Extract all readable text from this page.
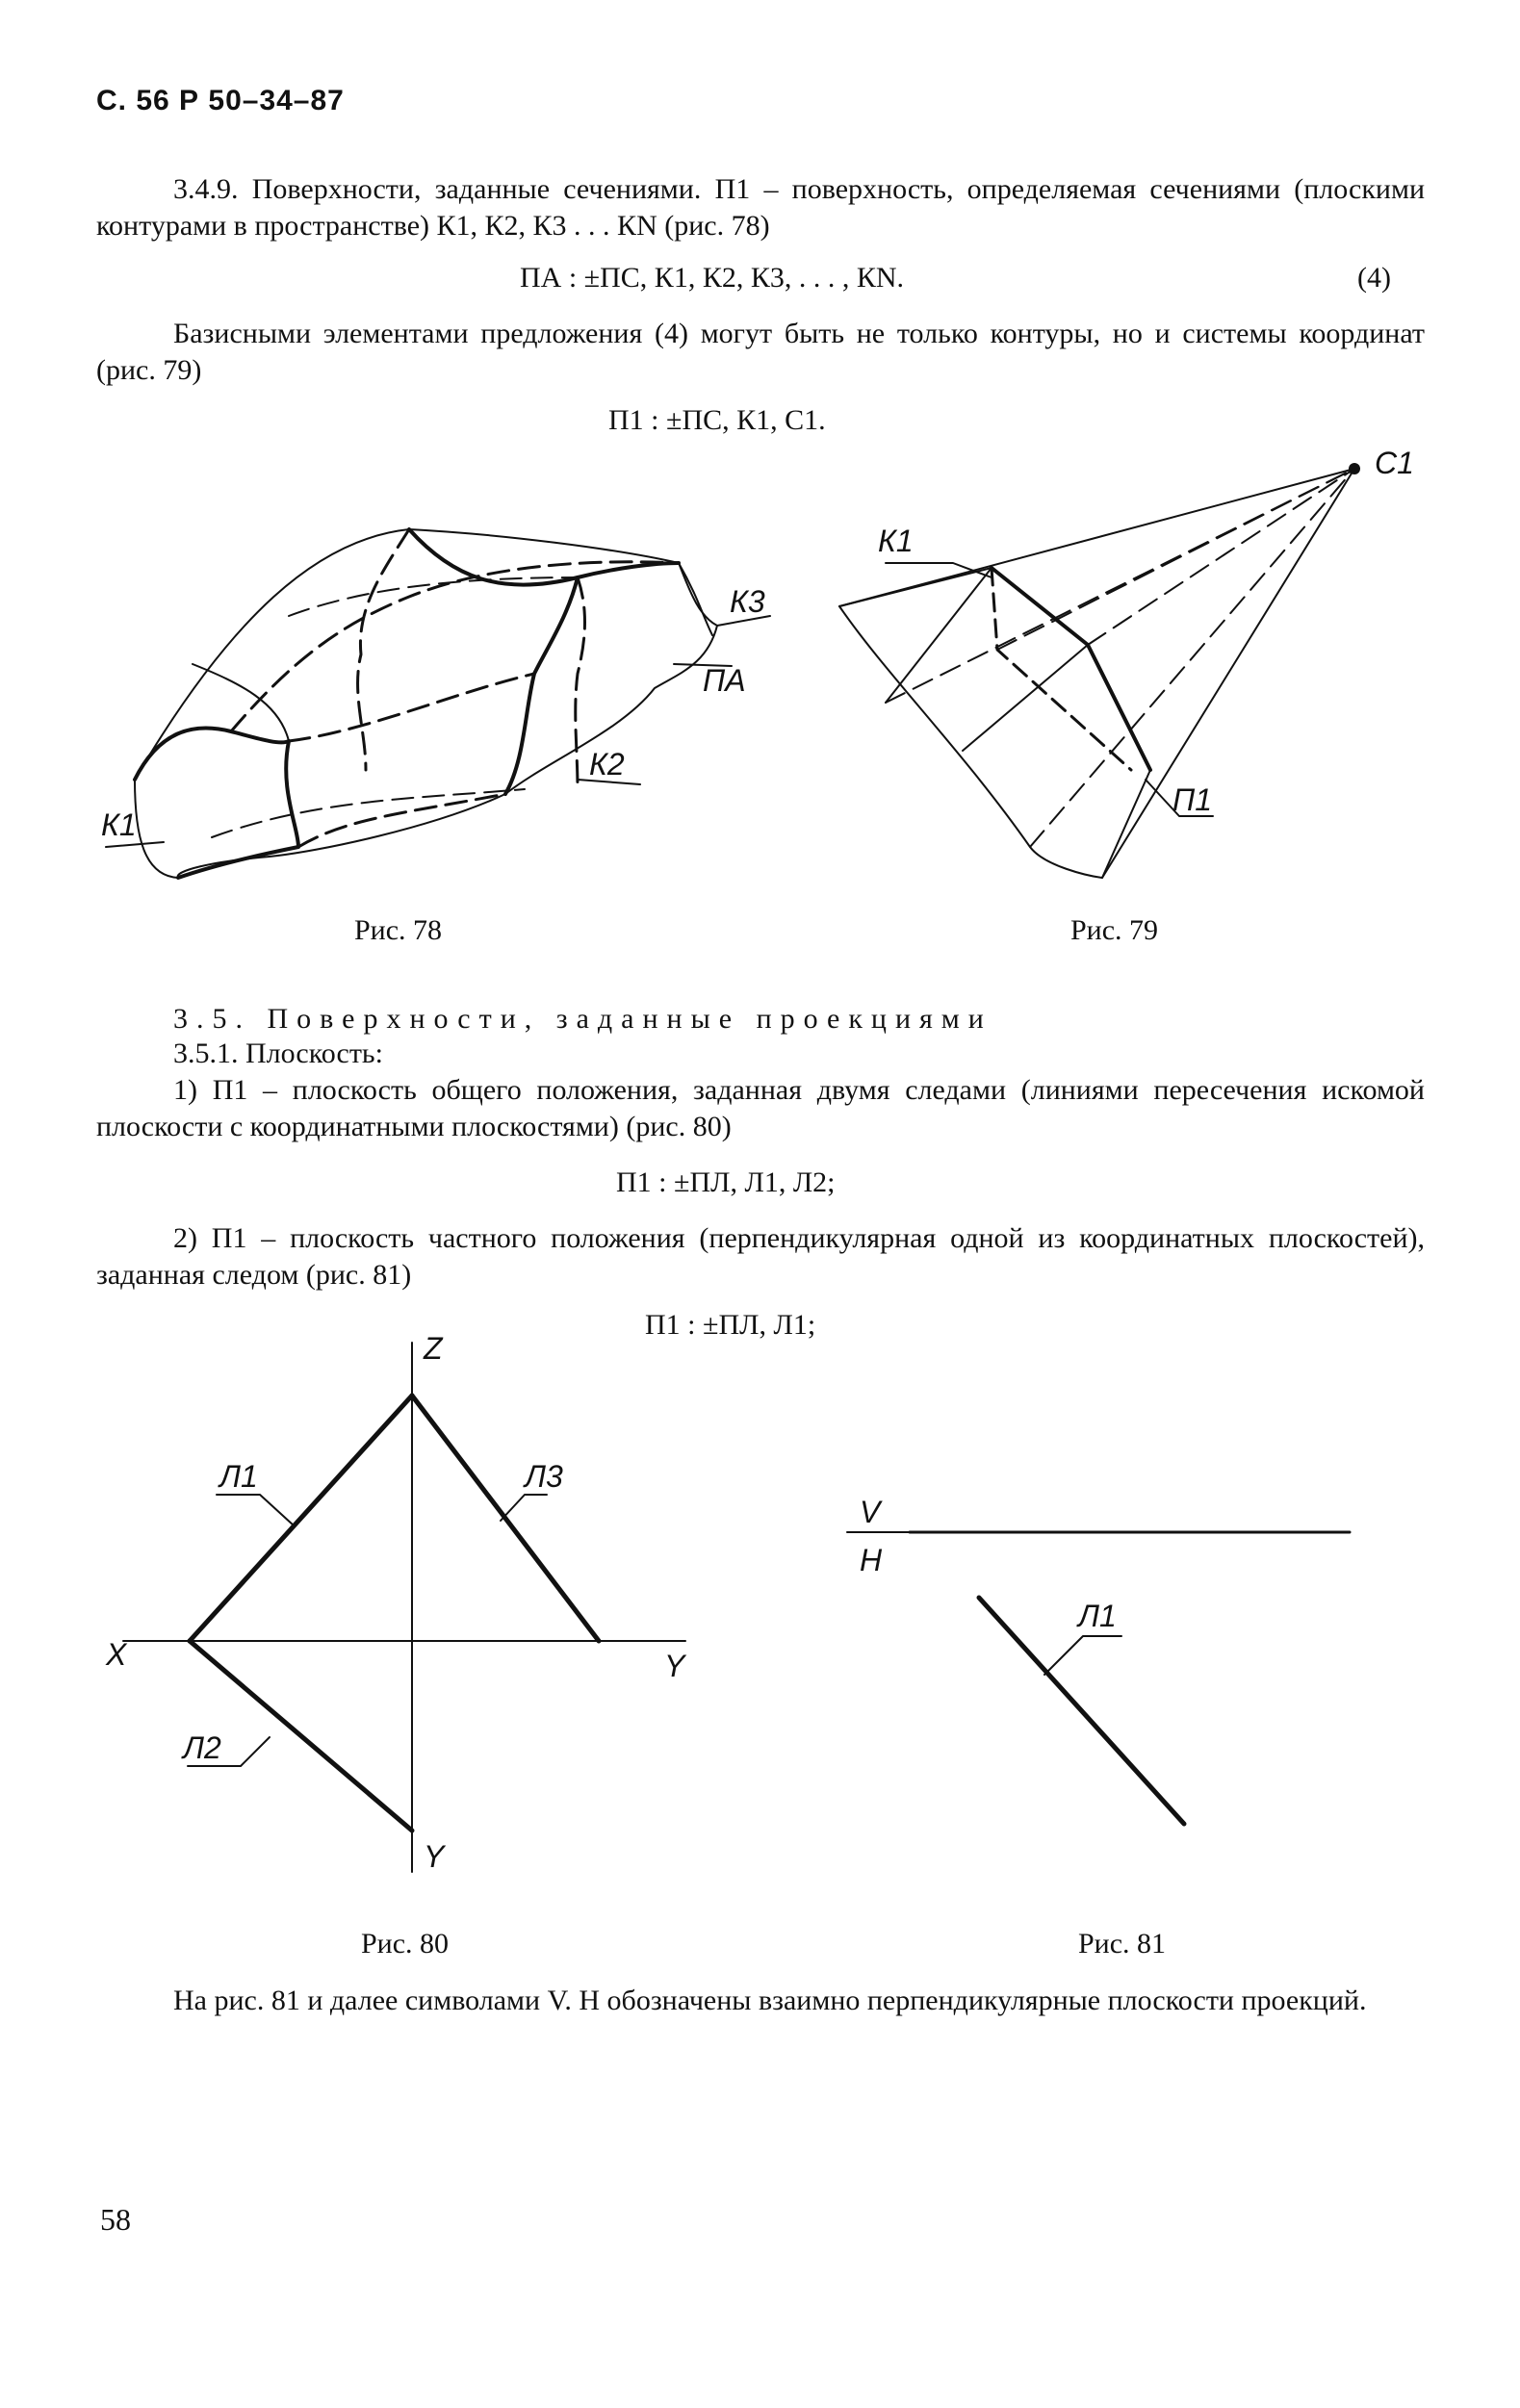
С. 56 Р 50–34–87
3.4.9. Поверхности, заданные сечениями. П1 – поверхность, определяемая сечениями (плоскими контурами в пространстве) К1, К2, К3 . . . КN (рис. 78)
ПА : ±ПС, К1, К2, К3, . . . , КN.	(4)
Базисными элементами предложения (4) могут быть не только контуры, но и системы координат (рис. 79)
П1 : ±ПС, К1, С1.
К1
К2
К3
ПА
С1
К1
П1
Рис. 78	Рис. 79
3.5. Поверхности, заданные проекциями
3.5.1. Плоскость:
1) П1 – плоскость общего положения, заданная двумя следами (линиями пересечения искомой плоскости с координатными плоскостями) (рис. 80)
П1 : ±ПЛ, Л1, Л2;
2) П1 – плоскость частного положения (перпендикулярная одной из координатных плоскостей), заданная следом (рис. 81)
П1 : ±ПЛ, Л1;
Z
X	Y
Y
Л1	Л3
Л2
V
Н
Л1
Рис. 80	Рис. 81
На рис. 81 и далее символами V. Н обозначены взаимно перпендикулярные плоскости проекций.
58
